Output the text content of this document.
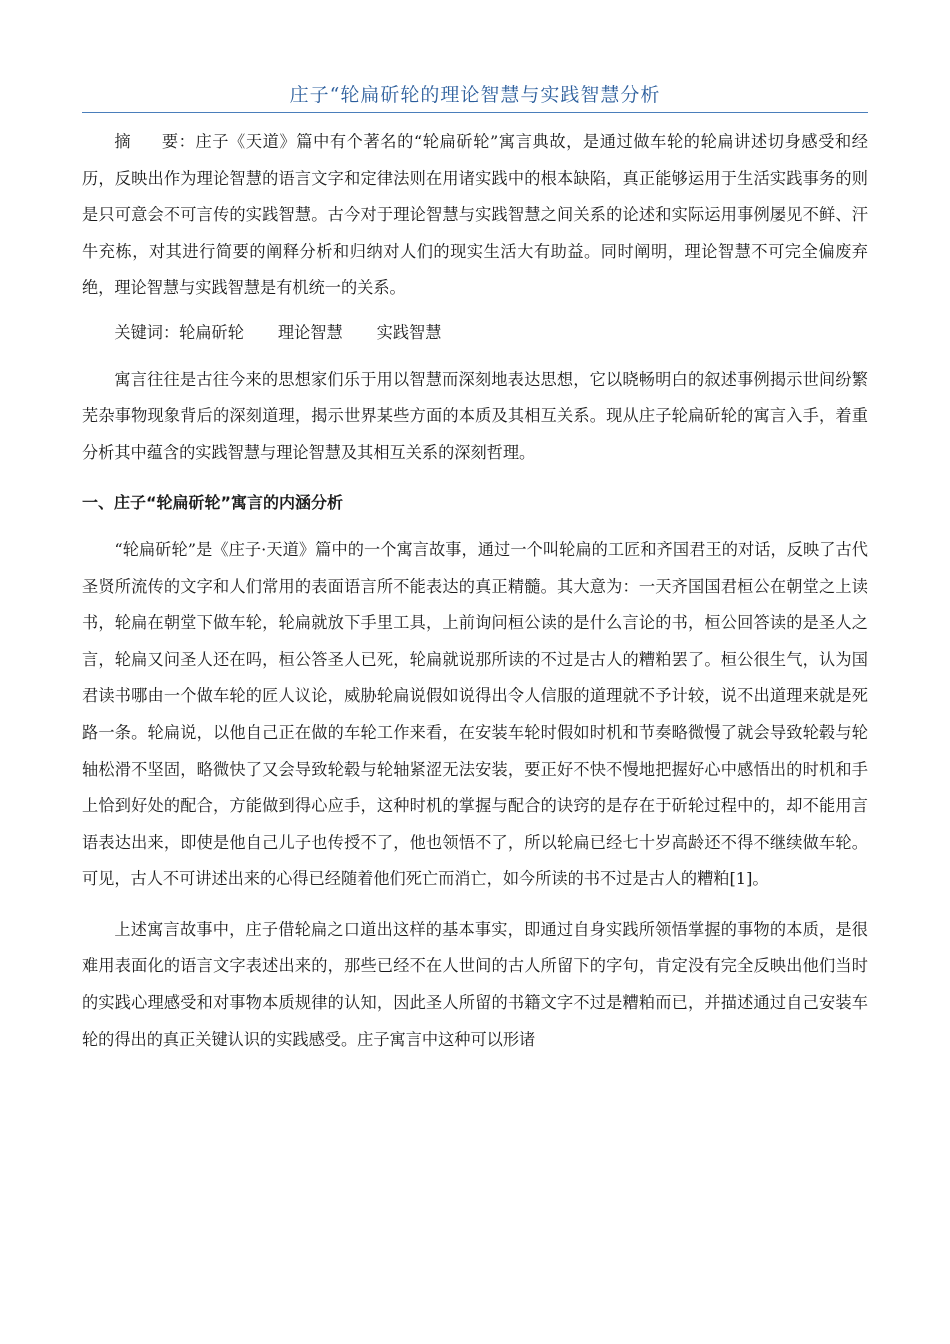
庄子“轮扁斫轮的理论智慧与实践智慧分析

摘 要：庄子《天道》篇中有个著名的“轮扁斫轮”寓言典故，是通过做车轮的轮扁讲述切身感受和经历，反映出作为理论智慧的语言文字和定律法则在用诸实践中的根本缺陷，真正能够运用于生活实践事务的则是只可意会不可言传的实践智慧。古今对于理论智慧与实践智慧之间关系的论述和实际运用事例屡见不鲜、汗牛充栋，对其进行简要的阐释分析和归纳对人们的现实生活大有助益。同时阐明，理论智慧不可完全偏废弃绝，理论智慧与实践智慧是有机统一的关系。

关键词：轮扁斫轮 理论智慧 实践智慧

寓言往往是古往今来的思想家们乐于用以智慧而深刻地表达思想，它以晓畅明白的叙述事例揭示世间纷繁芜杂事物现象背后的深刻道理，揭示世界某些方面的本质及其相互关系。现从庄子轮扁斫轮的寓言入手，着重分析其中蕴含的实践智慧与理论智慧及其相互关系的深刻哲理。

一、庄子“轮扁斫轮”寓言的内涵分析

“轮扁斫轮”是《庄子·天道》篇中的一个寓言故事，通过一个叫轮扁的工匠和齐国君王的对话，反映了古代圣贤所流传的文字和人们常用的表面语言所不能表达的真正精髓。其大意为：一天齐国国君桓公在朝堂之上读书，轮扁在朝堂下做车轮，轮扁就放下手里工具，上前询问桓公读的是什么言论的书，桓公回答读的是圣人之言，轮扁又问圣人还在吗，桓公答圣人已死，轮扁就说那所读的不过是古人的糟粕罢了。桓公很生气，认为国君读书哪由一个做车轮的匠人议论，威胁轮扁说假如说得出令人信服的道理就不予计较，说不出道理来就是死路一条。轮扁说，以他自己正在做的车轮工作来看，在安装车轮时假如时机和节奏略微慢了就会导致轮毂与轮轴松滑不坚固，略微快了又会导致轮毂与轮轴紧涩无法安装，要正好不快不慢地把握好心中感悟出的时机和手上恰到好处的配合，方能做到得心应手，这种时机的掌握与配合的诀窍的是存在于斫轮过程中的，却不能用言语表达出来，即使是他自己儿子也传授不了，他也领悟不了，所以轮扁已经七十岁高龄还不得不继续做车轮。可见，古人不可讲述出来的心得已经随着他们死亡而消亡，如今所读的书不过是古人的糟粕[1]。

上述寓言故事中，庄子借轮扁之口道出这样的基本事实，即通过自身实践所领悟掌握的事物的本质，是很难用表面化的语言文字表述出来的，那些已经不在人世间的古人所留下的字句，肯定没有完全反映出他们当时的实践心理感受和对事物本质规律的认知，因此圣人所留的书籍文字不过是糟粕而已，并描述通过自己安装车轮的得出的真正关键认识的实践感受。庄子寓言中这种可以形诸
